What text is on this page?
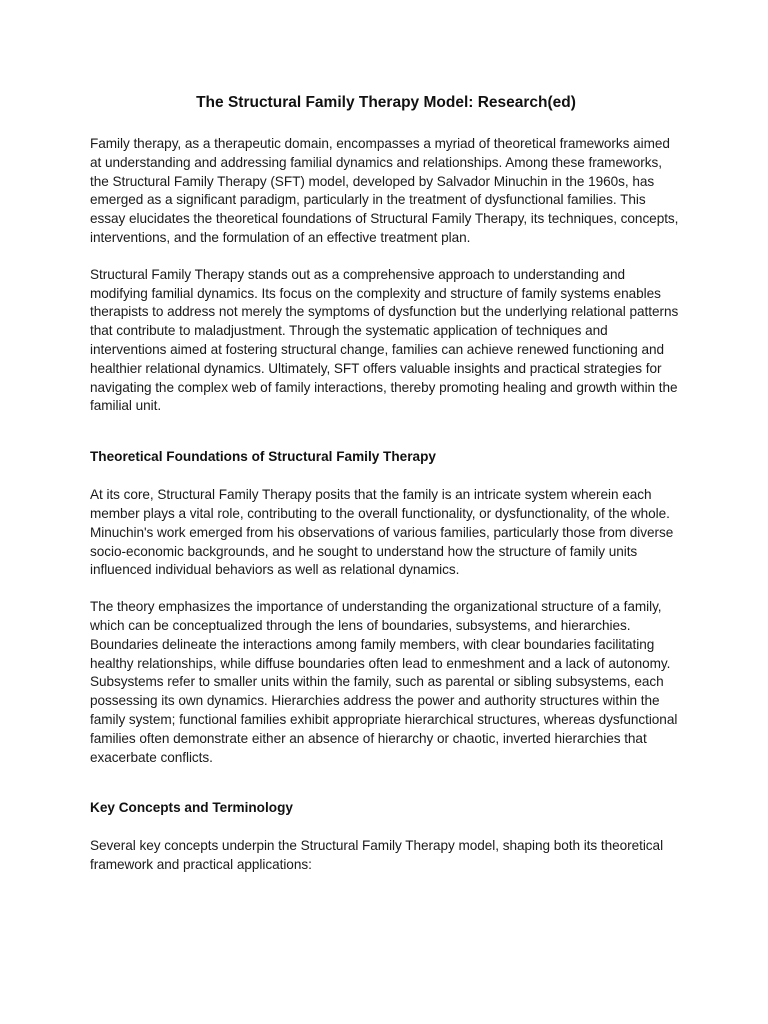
The Structural Family Therapy Model: Research(ed)

Family therapy, as a therapeutic domain, encompasses a myriad of theoretical frameworks aimed at understanding and addressing familial dynamics and relationships. Among these frameworks, the Structural Family Therapy (SFT) model, developed by Salvador Minuchin in the 1960s, has emerged as a significant paradigm, particularly in the treatment of dysfunctional families. This essay elucidates the theoretical foundations of Structural Family Therapy, its techniques, concepts, interventions, and the formulation of an effective treatment plan.

Structural Family Therapy stands out as a comprehensive approach to understanding and modifying familial dynamics. Its focus on the complexity and structure of family systems enables therapists to address not merely the symptoms of dysfunction but the underlying relational patterns that contribute to maladjustment. Through the systematic application of techniques and interventions aimed at fostering structural change, families can achieve renewed functioning and healthier relational dynamics. Ultimately, SFT offers valuable insights and practical strategies for navigating the complex web of family interactions, thereby promoting healing and growth within the familial unit.

Theoretical Foundations of Structural Family Therapy

At its core, Structural Family Therapy posits that the family is an intricate system wherein each member plays a vital role, contributing to the overall functionality, or dysfunctionality, of the whole. Minuchin's work emerged from his observations of various families, particularly those from diverse socio-economic backgrounds, and he sought to understand how the structure of family units influenced individual behaviors as well as relational dynamics.

The theory emphasizes the importance of understanding the organizational structure of a family, which can be conceptualized through the lens of boundaries, subsystems, and hierarchies. Boundaries delineate the interactions among family members, with clear boundaries facilitating healthy relationships, while diffuse boundaries often lead to enmeshment and a lack of autonomy. Subsystems refer to smaller units within the family, such as parental or sibling subsystems, each possessing its own dynamics. Hierarchies address the power and authority structures within the family system; functional families exhibit appropriate hierarchical structures, whereas dysfunctional families often demonstrate either an absence of hierarchy or chaotic, inverted hierarchies that exacerbate conflicts.

Key Concepts and Terminology

Several key concepts underpin the Structural Family Therapy model, shaping both its theoretical framework and practical applications:
